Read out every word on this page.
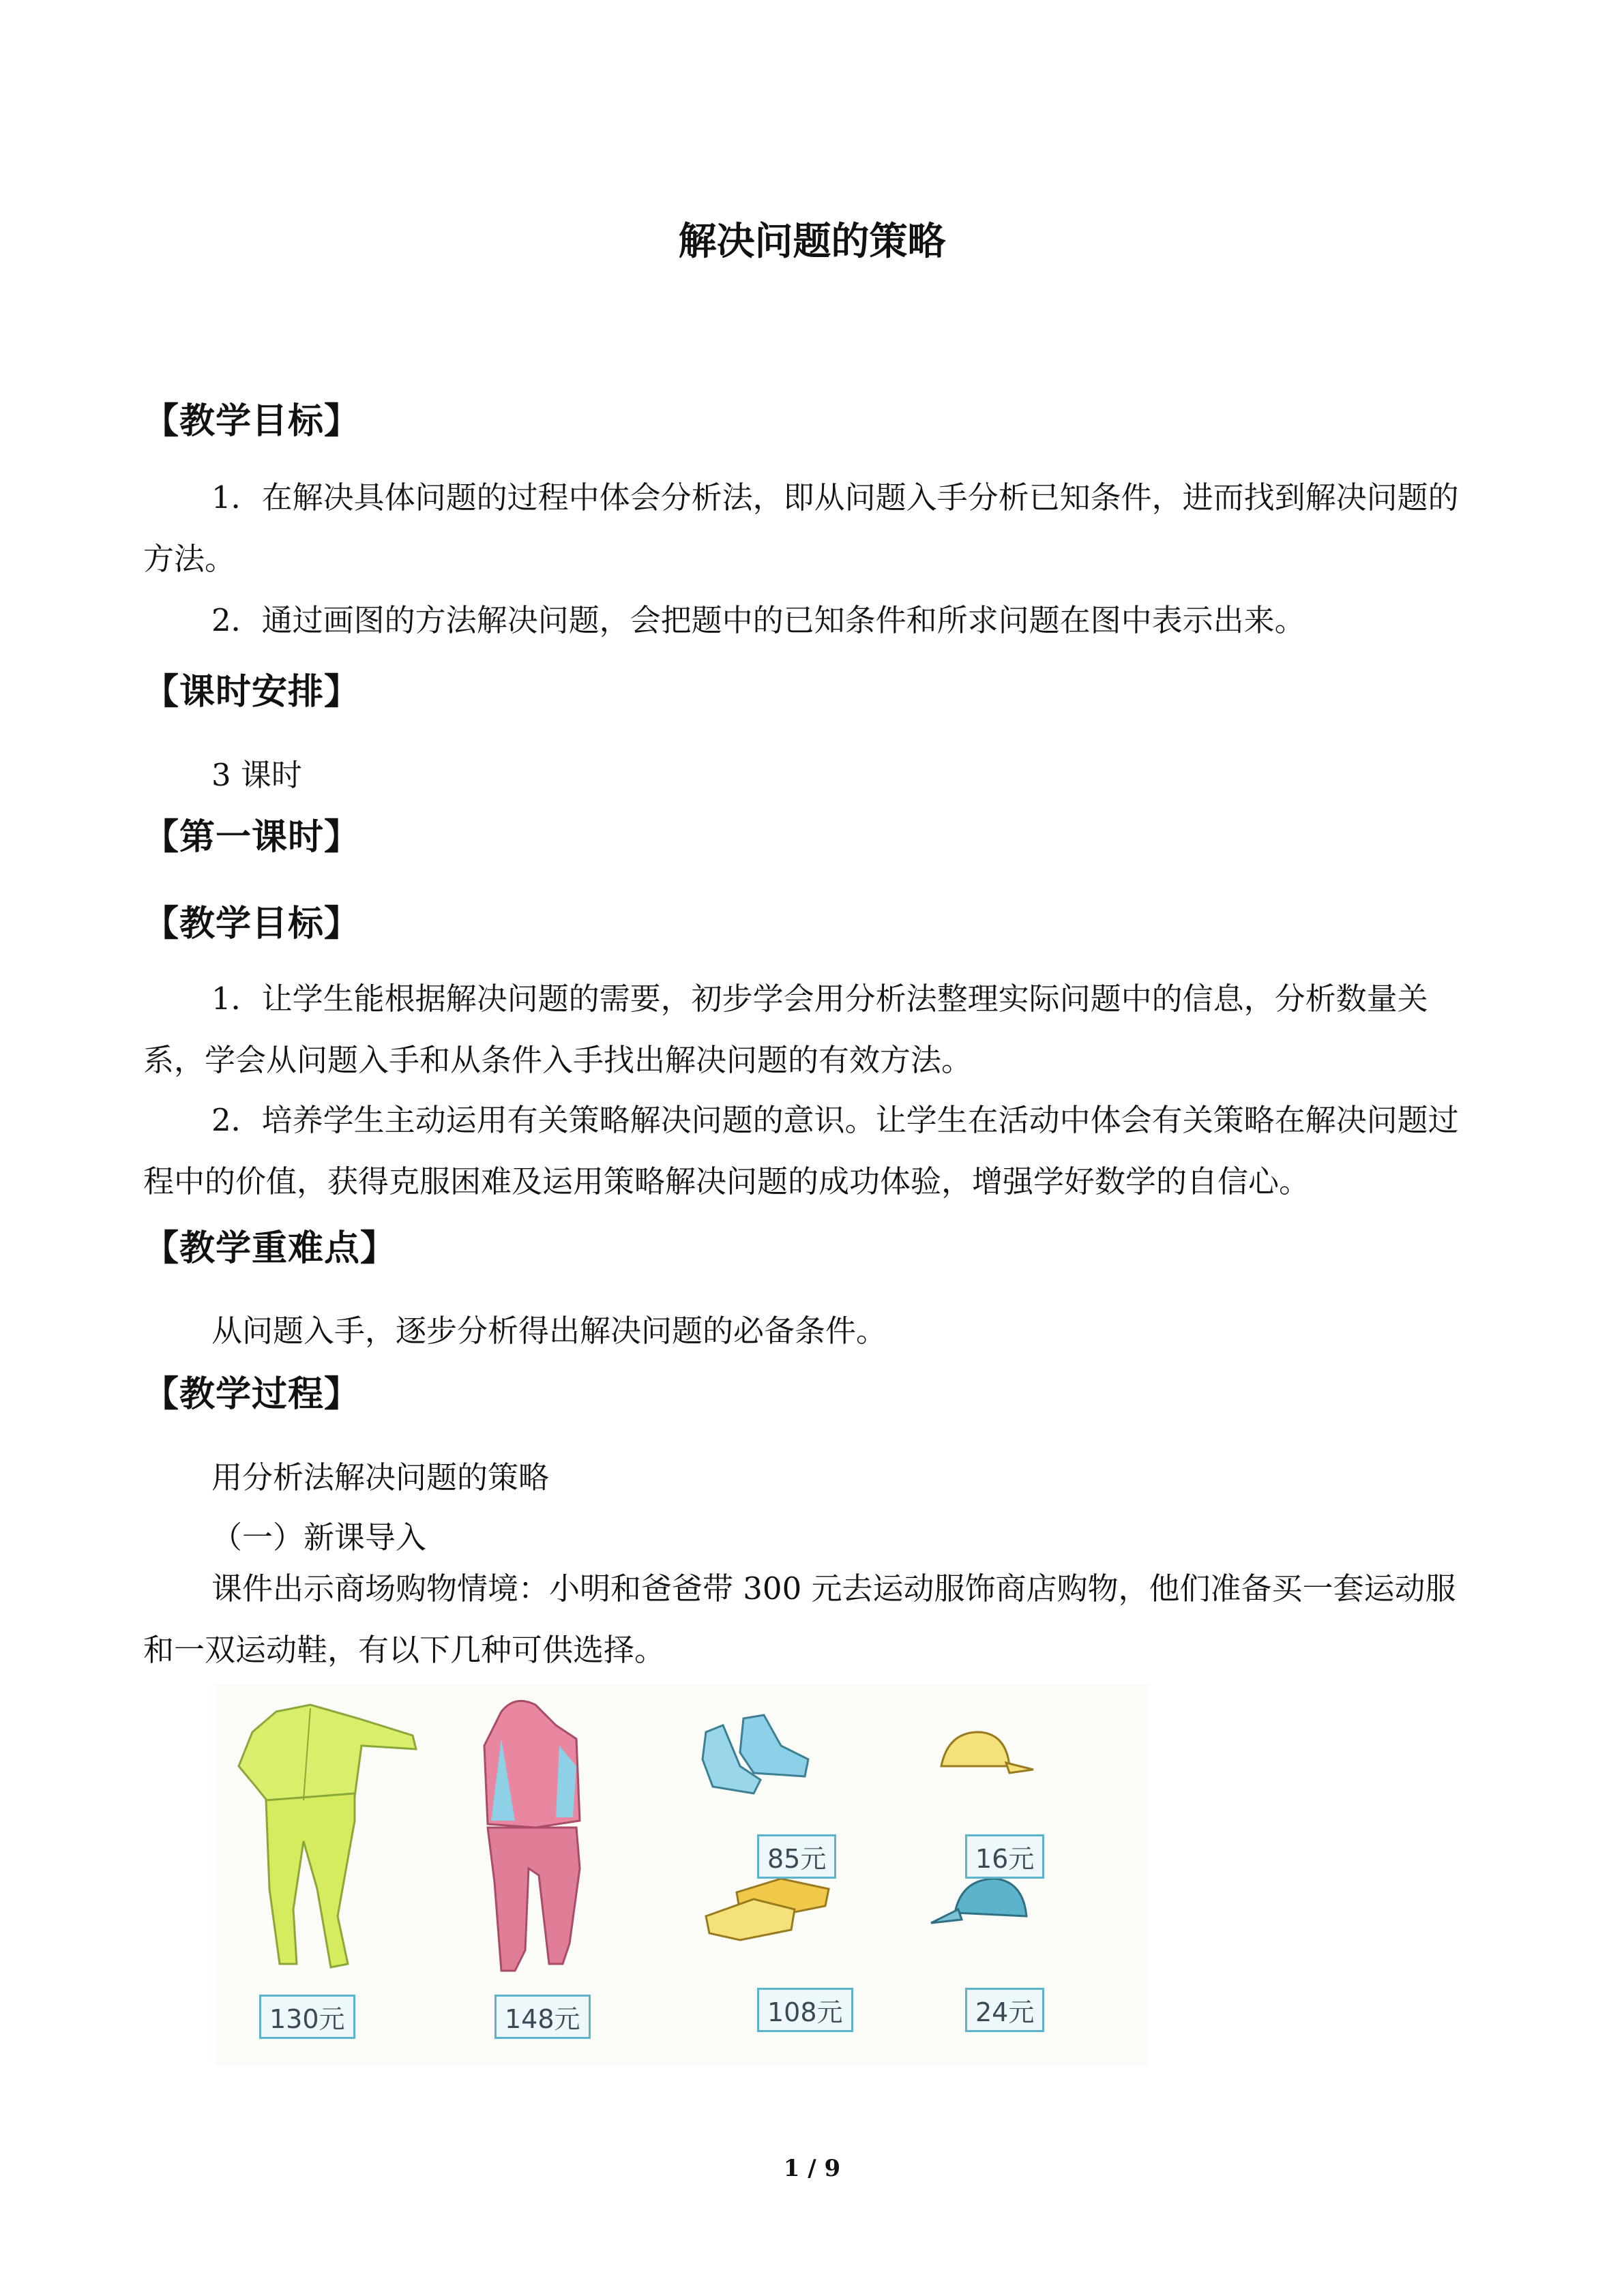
解决问题的策略
【教学目标】
1．在解决具体问题的过程中体会分析法，即从问题入手分析已知条件，进而找到解决问题的方法。
2．通过画图的方法解决问题，会把题中的已知条件和所求问题在图中表示出来。
【课时安排】
3 课时
【第一课时】
【教学目标】
1．让学生能根据解决问题的需要，初步学会用分析法整理实际问题中的信息，分析数量关系，学会从问题入手和从条件入手找出解决问题的有效方法。
2．培养学生主动运用有关策略解决问题的意识。让学生在活动中体会有关策略在解决问题过程中的价值，获得克服困难及运用策略解决问题的成功体验，增强学好数学的自信心。
【教学重难点】
从问题入手，逐步分析得出解决问题的必备条件。
【教学过程】
用分析法解决问题的策略
（一）新课导入
课件出示商场购物情境：小明和爸爸带 300 元去运动服饰商店购物，他们准备买一套运动服和一双运动鞋，有以下几种可供选择。
130元	148元
85元
108元
16元
24元
1 / 9
